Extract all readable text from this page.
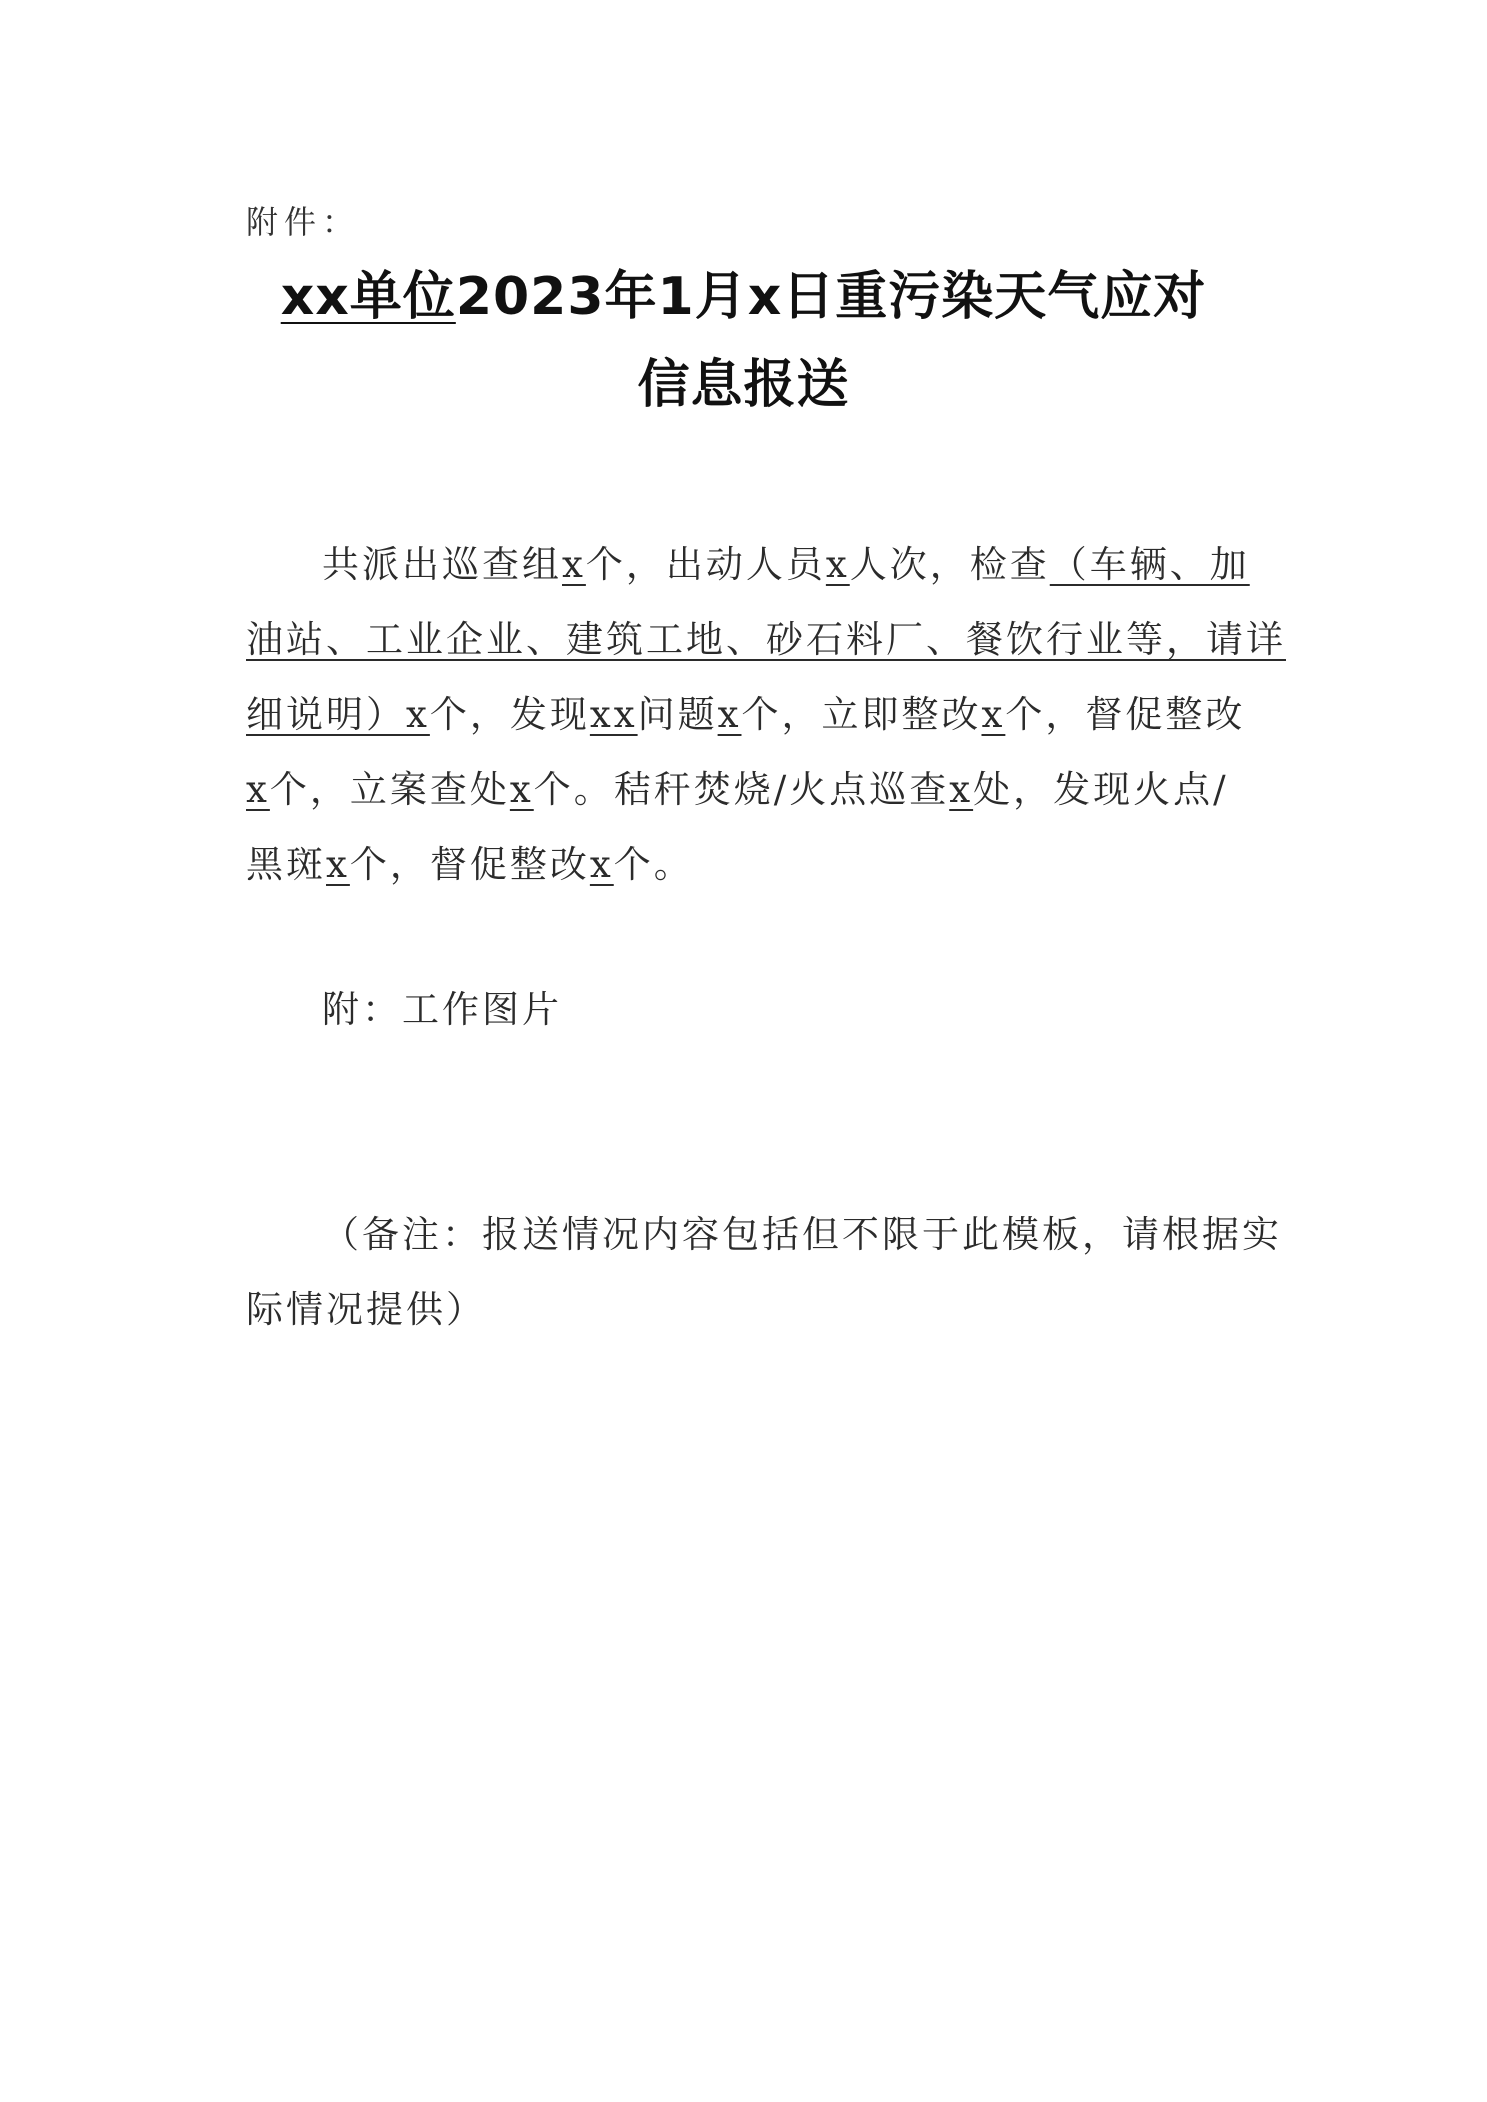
附件：
xx单位2023年1月x日重污染天气应对
信息报送
共派出巡查组x个，出动人员x人次，检查（车辆、加
油站、工业企业、建筑工地、砂石料厂、餐饮行业等，请详
细说明）x个，发现xx问题x个，立即整改x个，督促整改
x个，立案查处x个。秸秆焚烧/火点巡查x处，发现火点/
黑斑x个，督促整改x个。
附：工作图片
（备注：报送情况内容包括但不限于此模板，请根据实
际情况提供）
